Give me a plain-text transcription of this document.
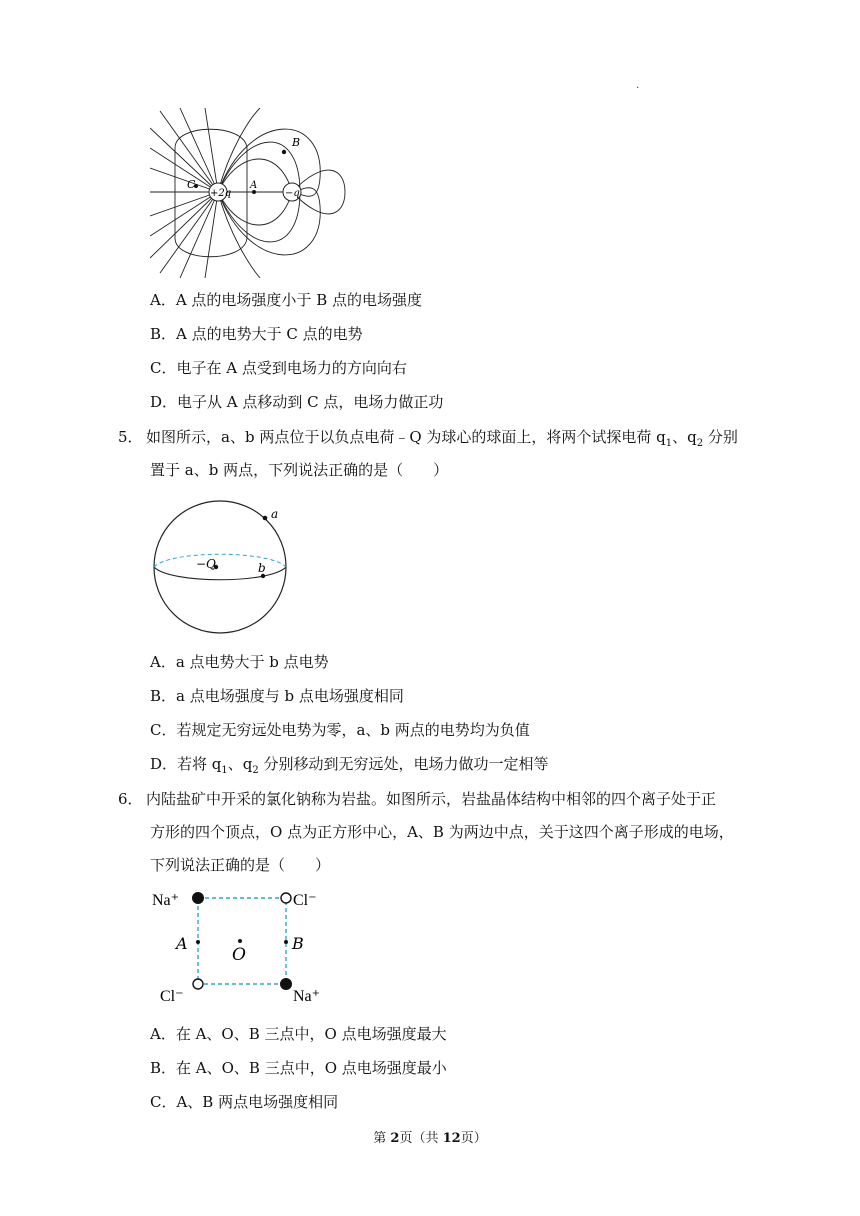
.
+2q	−q
B
A
C
A．A 点的电场强度小于 B 点的电场强度
B．A 点的电势大于 C 点的电势
C．电子在 A 点受到电场力的方向向右
D．电子从 A 点移动到 C 点，电场力做正功
5． 如图所示，a、b 两点位于以负点电荷﹣Q 为球心的球面上，将两个试探电荷 $q_1$、$q_2$ 分别
置于 a、b 两点，下列说法正确的是（　　）
a
−Q	b
A．a 点电势大于 b 点电势
B．a 点电场强度与 b 点电场强度相同
C．若规定无穷远处电势为零，a、b 两点的电势均为负值
D．若将 $q_1$、$q_2$ 分别移动到无穷远处，电场力做功一定相等
6． 内陆盐矿中开采的氯化钠称为岩盐。如图所示，岩盐晶体结构中相邻的四个离子处于正
方形的四个顶点，O 点为正方形中心，A、B 为两边中点，关于这四个离子形成的电场，
下列说法正确的是（　　）
Na⁺	Cl⁻
Cl⁻	Na⁺
A	B
O
A．在 A、O、B 三点中，O 点电场强度最大
B．在 A、O、B 三点中，O 点电场强度最小
C．A、B 两点电场强度相同
第 2页（共 12页）
